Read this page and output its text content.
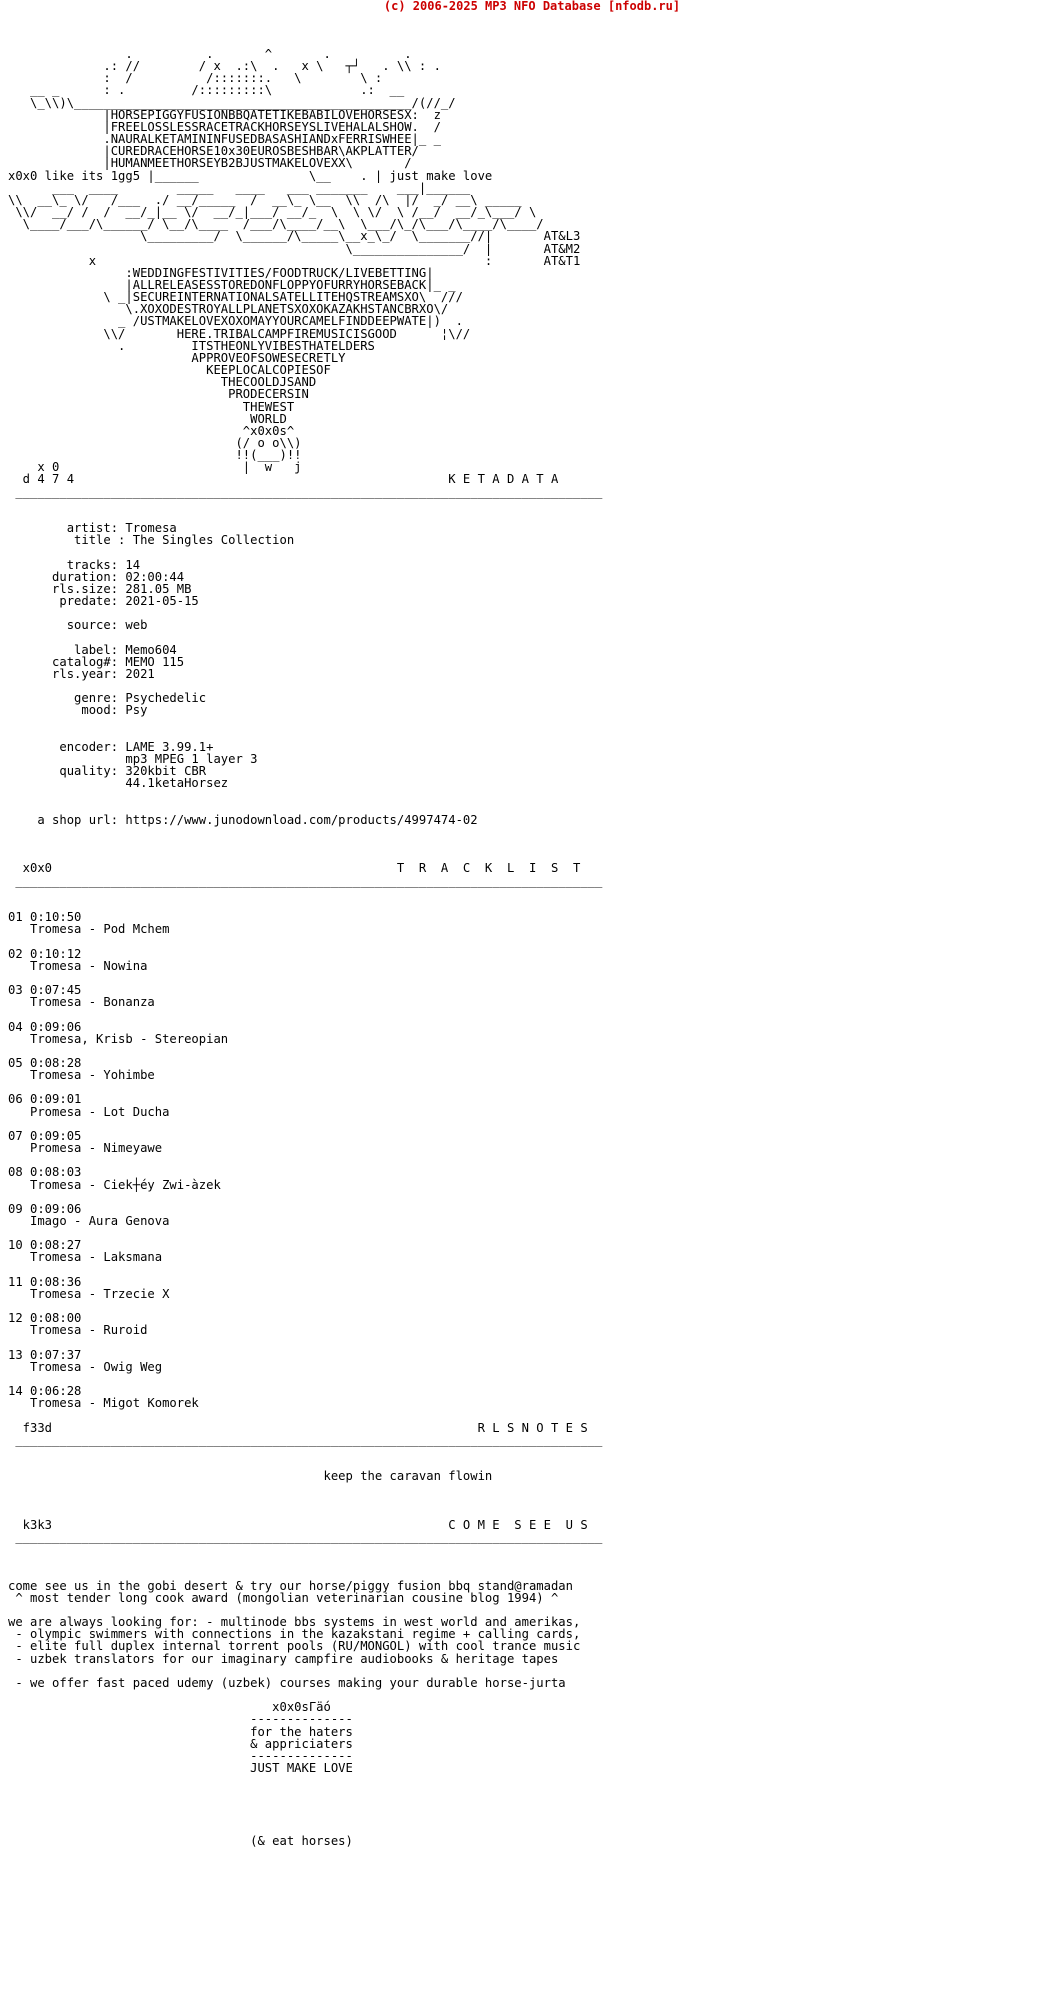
(c) 2006-2025 MP3 NFO Database [nfodb.ru]
.          .       ^       .          .
.: //        / x  .:\  .   x \   ┬┘   . \\ : .
:  /          /:::::::.   \        \ :
__ _      : .         /:::::::::\            .:  __
\_\\)\______________________________________________/(//_/
|HORSEPIGGYFUSIONBBQATETIKEBABILOVEHORSESX:  z
|FREELOSSLESSRACETRACKHORSEYSLIVEHALALSHOW.  /
.NAURALKETAMININFUSEDBASASHIANDxFERRISWHEE|_ _
|CUREDRACEHORSE10x30EUROSBESHBAR\AKPLATTER/
|HUMANMEETHORSEYB2BJUSTMAKELOVEXX\       /
x0x0 like its 1gg5 |______               \__    . | just make love
___  ____        _____   ____   ___ _______    ___|______
\\  __\_ \/   /___  ./ __/_____  /  __\_ \__  \\  /\  |/  _/ __\ _____
\\/  __/ /  /  __/_|__ \/  __/_|___/ __/_  \  \ \/  \ /__/  __/_\___/ \
\____/___/\______/ \__/\____  /___/\____/__\  \___/\_/\___/\____/\____/
\_________/  \______/\_____\__x_\_/  \_______//|       AT&L3
\_______________/  |       AT&M2
x                                                     :       AT&T1
:WEDDINGFESTIVITIES/FOODTRUCK/LIVEBETTING|
|ALLRELEASESSTOREDONFLOPPYOFURRYHORSEBACK|_ _
\ _|SECUREINTERNATIONALSATELLITEHQSTREAMSXO\  ///
\.XOXODESTROYALLPLANETSXOXOKAZAKHSTANCBRXO\/
_ /USTMAKELOVEXOXOMAYYOURCAMELFINDDEEPWATE|)  .
\\/       HERE.TRIBALCAMPFIREMUSICISGOOD      ¦\//
.         ITSTHEONLYVIBESTHATELDERS
APPROVEOFSOWESECRETLY
KEEPLOCALCOPIESOF
THECOOLDJSAND
PRODECERSIN
THEWEST
WORLD
^x0x0s^
(/ o o\\)
!!(___)!!
x 0                         |  w   j
d 4 7 4                                                   K E T A D A T A
________________________________________________________________________________

artist: Tromesa
title : The Singles Collection

tracks: 14
duration: 02:00:44
rls.size: 281.05 MB
predate: 2021-05-15

source: web

label: Memo604
catalog#: MEMO 115
rls.year: 2021

genre: Psychedelic
mood: Psy

encoder: LAME 3.99.1+
mp3 MPEG 1 layer 3
quality: 320kbit CBR
44.1ketaHorsez

a shop url: https://www.junodownload.com/products/4997474-02

x0x0                                               T  R  A  C  K  L  I  S  T
________________________________________________________________________________

01 0:10:50
Tromesa - Pod Mchem

02 0:10:12
Tromesa - Nowina

03 0:07:45
Tromesa - Bonanza

04 0:09:06
Tromesa, Krisb - Stereopian

05 0:08:28
Tromesa - Yohimbe

06 0:09:01
Promesa - Lot Ducha

07 0:09:05
Promesa - Nimeyawe

08 0:08:03
Tromesa - Ciek┼éy Zwi-àzek

09 0:09:06
Imago - Aura Genova

10 0:08:27
Tromesa - Laksmana

11 0:08:36
Tromesa - Trzecie X

12 0:08:00
Tromesa - Ruroid

13 0:07:37
Tromesa - Owig Weg

14 0:06:28
Tromesa - Migot Komorek

f33d                                                          R L S N O T E S
________________________________________________________________________________

keep the caravan flowin

k3k3                                                      C O M E  S E E  U S
________________________________________________________________________________

come see us in the gobi desert & try our horse/piggy fusion bbq stand@ramadan
^ most tender long cook award (mongolian veterinarian cousine blog 1994) ^

we are always looking for: - multinode bbs systems in west world and amerikas,
- olympic swimmers with connections in the kazakstani regime + calling cards,
- elite full duplex internal torrent pools (RU/MONGOL) with cool trance music
- uzbek translators for our imaginary campfire audiobooks & heritage tapes

- we offer fast paced udemy (uzbek) courses making your durable horse-jurta

x0x0sΓäó
--------------
for the haters
& appriciaters
--------------
JUST MAKE LOVE

(& eat horses)
